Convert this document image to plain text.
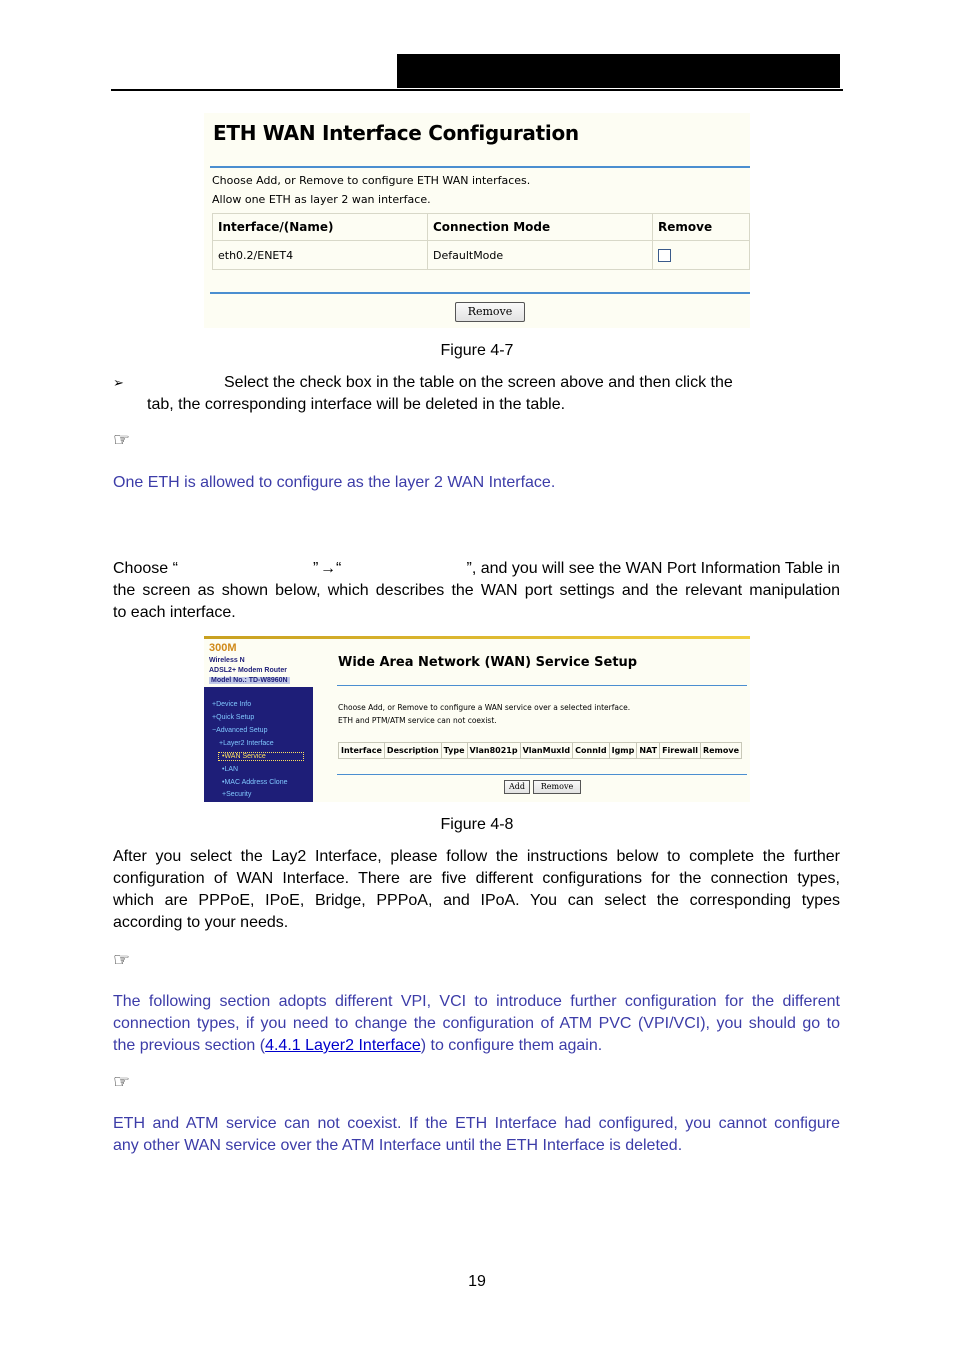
ETH WAN Interface Configuration
Choose Add, or Remove to configure ETH WAN interfaces.
Allow one ETH as layer 2 wan interface.
Interface/(Name)	Connection Mode	Remove
eth0.2/ENET4	DefaultMode	
Remove
Figure 4-7
➢	Select the check box in the table on the screen above and then click the
tab, the corresponding interface will be deleted in the table.
☞
One ETH is allowed to configure as the layer 2 WAN Interface.
Choose “	” → “	”, and you will see the WAN Port Information Table in
the screen as shown below, which describes the WAN port settings and the relevant manipulation
to each interface.
300M
Wireless N
ADSL2+ Modem Router
Model No.: TD-W8960N
+Device Info
+Quick Setup
−Advanced Setup
+Layer2 Interface
•WAN Service
•LAN
•MAC Address Clone
+Security
Wide Area Network (WAN) Service Setup
Choose Add, or Remove to configure a WAN service over a selected interface.
ETH and PTM/ATM service can not coexist.
Interface	Description	Type	Vlan8021p	VlanMuxId	ConnId	Igmp	NAT	Firewall	Remove
Add	Remove
Figure 4-8
After you select the Lay2 Interface, please follow the instructions below to complete the further
configuration of WAN Interface. There are five different configurations for the connection types,
which are PPPoE, IPoE, Bridge, PPPoA, and IPoA. You can select the corresponding types
according to your needs.
☞
The following section adopts different VPI, VCI to introduce further configuration for the different
connection types, if you need to change the configuration of ATM PVC (VPI/VCI), you should go to
the previous section (4.4.1 Layer2 Interface) to configure them again.
☞
ETH and ATM service can not coexist. If the ETH Interface had configured, you cannot configure
any other WAN service over the ATM Interface until the ETH Interface is deleted.
19
